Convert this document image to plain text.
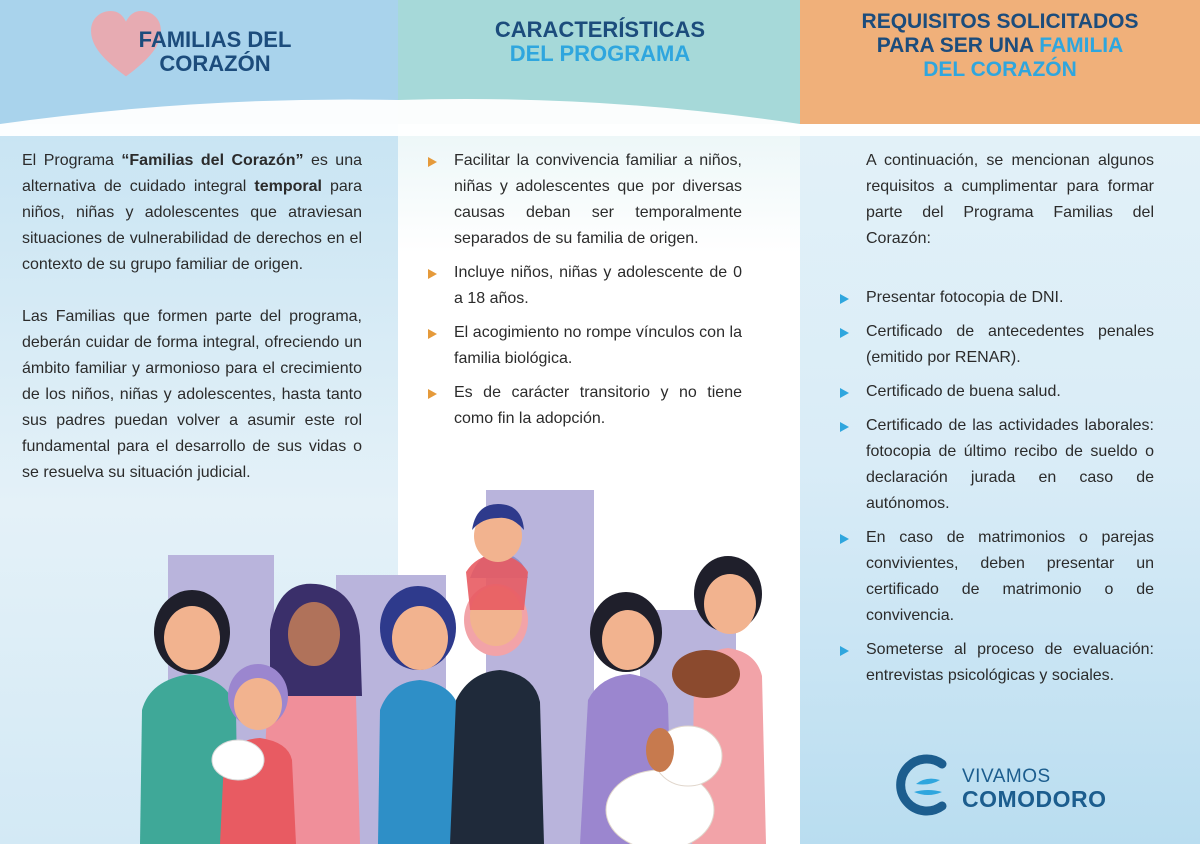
FAMILIAS DEL
CORAZÓN
CARACTERÍSTICAS
DEL PROGRAMA
REQUISITOS SOLICITADOS
PARA SER UNA FAMILIA
DEL CORAZÓN

El Programa “Familias del Corazón” es una alternativa de cuidado integral temporal para niños, niñas y adolescentes que atraviesan situaciones de vulnerabilidad de derechos en el contexto de su grupo familiar de origen.

Las Familias que formen parte del programa, deberán cuidar de forma integral, ofreciendo un ámbito familiar y armonioso para el crecimiento de los niños, niñas y adolescentes, hasta tanto sus padres puedan volver a asumir este rol fundamental para el desarrollo de sus vidas o se resuelva su situación judicial.

Facilitar la convivencia familiar a niños, niñas y adolescentes que por diversas causas deban ser temporalmente separados de su familia de origen.
Incluye niños, niñas y adolescente de 0 a 18 años.
El acogimiento no rompe vínculos con la familia biológica.
Es de carácter transitorio y no tiene como fin la adopción.
A continuación, se mencionan algunos requisitos a cumplimentar para formar parte del Programa Familias del Corazón:
Presentar fotocopia de DNI.
Certificado de antecedentes penales (emitido por RENAR).
Certificado de buena salud.
Certificado de las actividades laborales: fotocopia de último recibo de sueldo o declaración jurada en caso de autónomos.
En caso de matrimonios o parejas convivientes, deben presentar un certificado de matrimonio o de convivencia.
Someterse al proceso de evaluación: entrevistas psicológicas y sociales.
VIVAMOS
COMODORO
